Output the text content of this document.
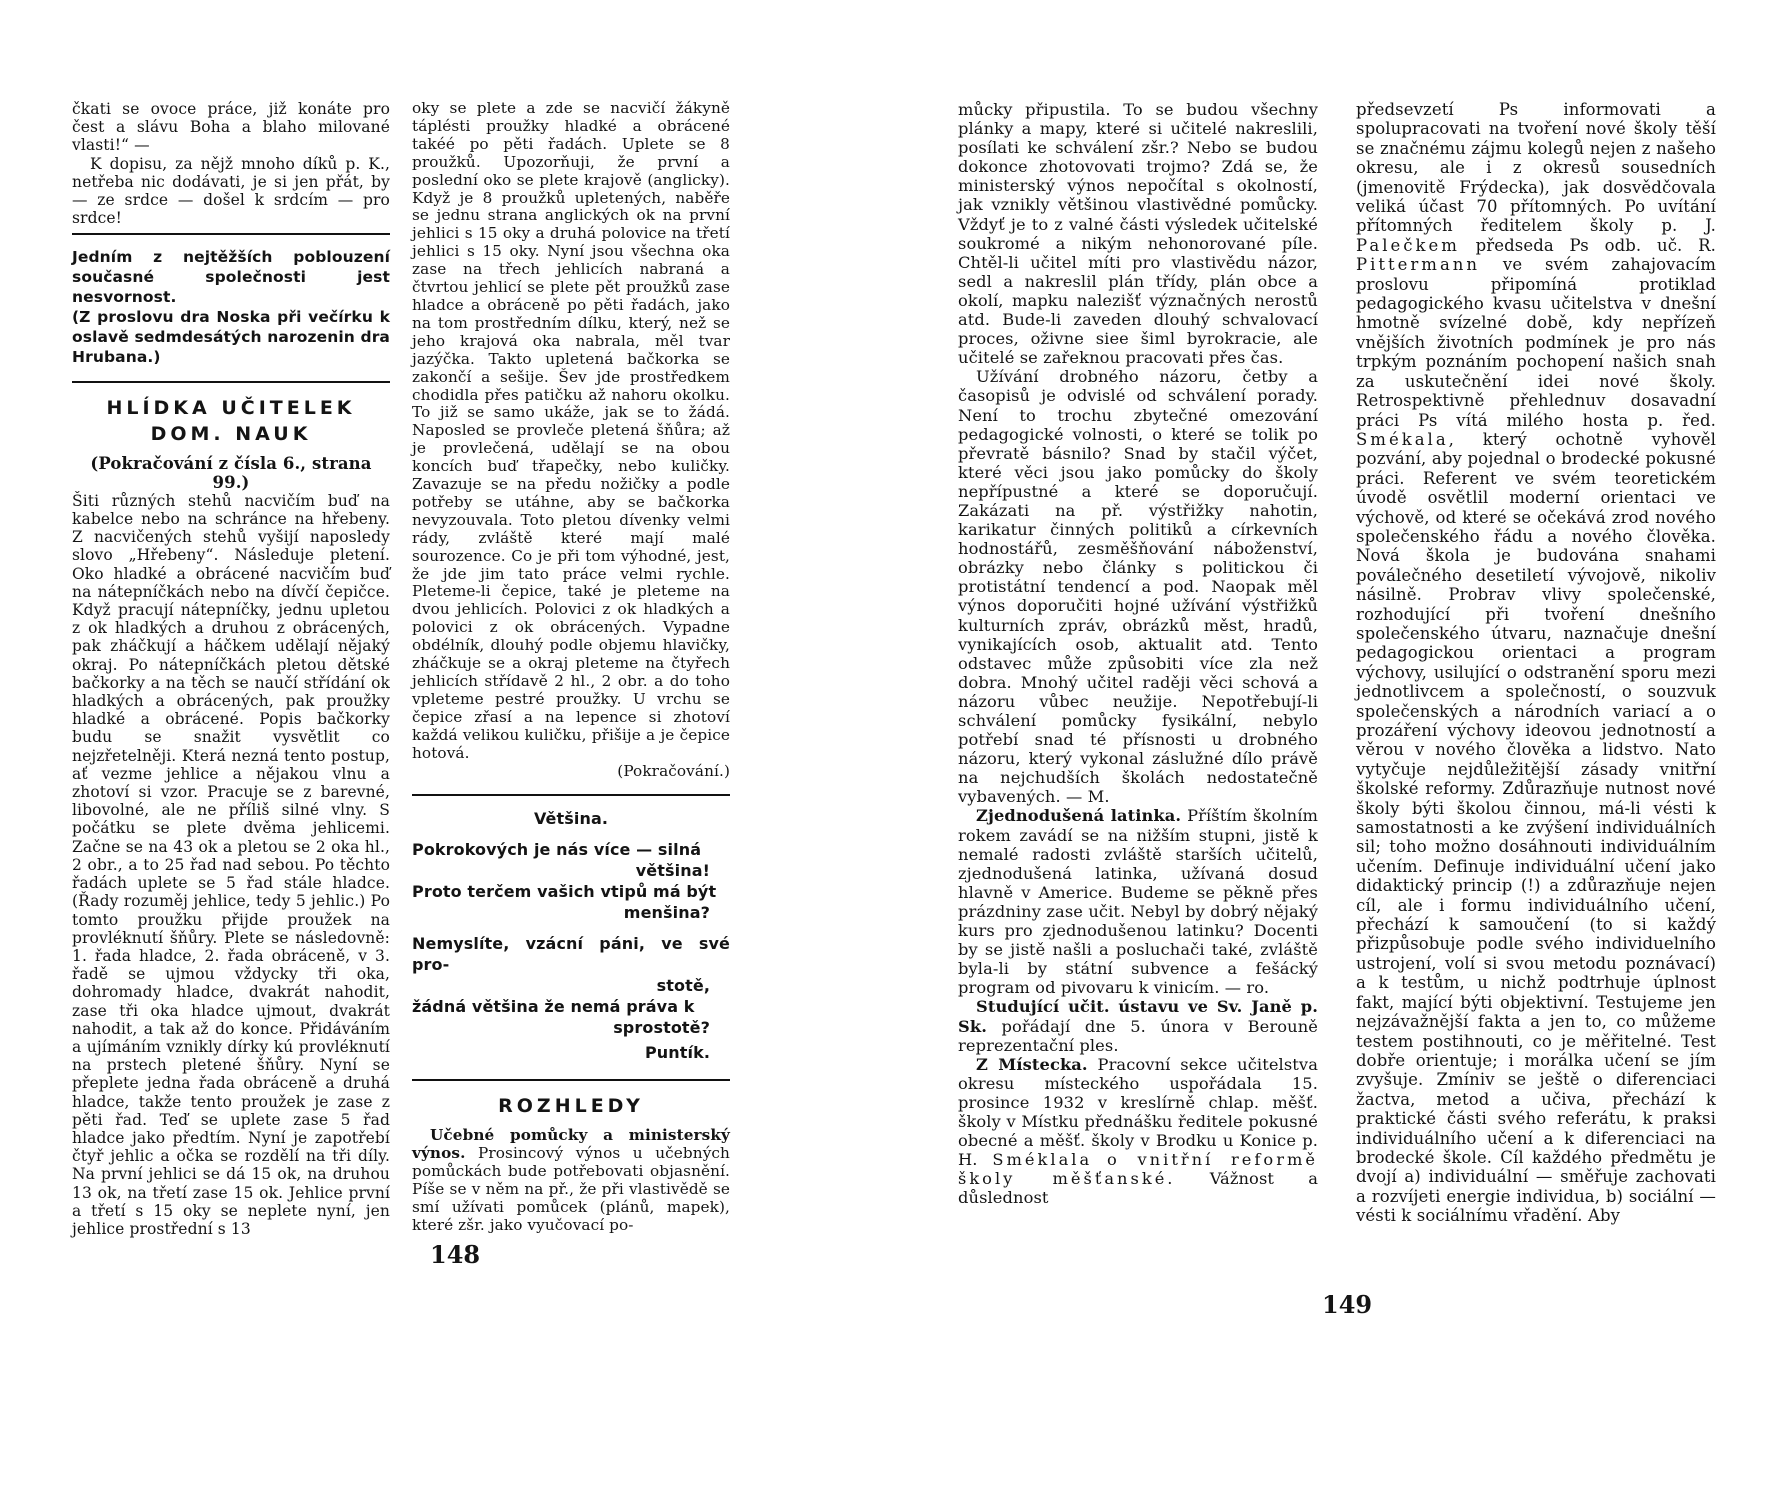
čkati se ovoce práce, již konáte pro čest a slávu Boha a blaho milované vlasti!“ —

K dopisu, za nějž mnoho díků p. K., netřeba nic dodávati, je si jen přát, by — ze srdce — došel k srdcím — pro srdce!

Jedním z nejtěžších poblouzení současné společnosti jest nesvornost.

(Z proslovu dra Noska při večírku k oslavě sedmdesátých narozenin dra Hrubana.)

HLÍDKA UČITELEK DOM. NAUK

(Pokračování z čísla 6., strana 99.)

Šiti různých stehů nacvičím buď na kabelce nebo na schránce na hřebeny. Z nacvičených stehů vyšijí naposledy slovo „Hřebeny“. Následuje pletení. Oko hladké a obrácené nacvičím buď na nátepníčkách nebo na dívčí čepičce. Když pracují nátepníčky, jednu upletou z ok hladkých a druhou z obrácených, pak zháčkují a háčkem udělají nějaký okraj. Po nátepníčkách pletou dětské bačkorky a na těch se naučí střídání ok hladkých a obrácených, pak proužky hladké a obrácené. Popis bačkorky budu se snažit vysvětlit co nejzřetelněji. Která nezná tento postup, ať vezme jehlice a nějakou vlnu a zhotoví si vzor. Pracuje se z barevné, libovolné, ale ne příliš silné vlny. S počátku se plete dvěma jehlicemi. Začne se na 43 ok a pletou se 2 oka hl., 2 obr., a to 25 řad nad sebou. Po těchto řadách uplete se 5 řad stále hladce. (Řady rozuměj jehlice, tedy 5 jehlic.) Po tomto proužku přijde proužek na provléknutí šňůry. Plete se následovně: 1. řada hladce, 2. řada obráceně, v 3. řadě se ujmou vždycky tři oka, dohromady hladce, dvakrát nahodit, zase tři oka hladce ujmout, dvakrát nahodit, a tak až do konce. Přidáváním a ujímáním vznikly dírky kú provléknutí na prstech pletené šňůry. Nyní se přeplete jedna řada obráceně a druhá hladce, takže tento proužek je zase z pěti řad. Teď se uplete zase 5 řad hladce jako předtím. Nyní je zapotřebí čtyř jehlic a očka se rozdělí na tři díly. Na první jehlici se dá 15 ok, na druhou 13 ok, na třetí zase 15 ok. Jehlice první a třetí s 15 oky se neplete nyní, jen jehlice prostřední s 13

oky se plete a zde se nacvičí žákyně táplésti proužky hladké a obrácené takéé po pěti řadách. Uplete se 8 proužků. Upozorňuji, že první a poslední oko se plete krajově (anglicky). Když je 8 proužků upletených, naběře se jednu strana anglických ok na první jehlici s 15 oky a druhá polovice na třetí jehlici s 15 oky. Nyní jsou všechna oka zase na třech jehlicích nabraná a čtvrtou jehlicí se plete pět proužků zase hladce a obráceně po pěti řadách, jako na tom prostředním dílku, který, než se jeho krajová oka nabrala, měl tvar jazýčka. Takto upletená bačkorka se zakončí a sešije. Šev jde prostředkem chodidla přes patičku až nahoru okolku. To již se samo ukáže, jak se to žádá. Naposled se provleče pletená šňůra; až je provlečená, udělají se na obou koncích buď třapečky, nebo kuličky. Zavazuje se na předu nožičky a podle potřeby se utáhne, aby se bačkorka nevyzouvala. Toto pletou dívenky velmi rády, zvláště které mají malé sourozence. Co je při tom výhodné, jest, že jde jim tato práce velmi rychle. Pleteme-li čepice, také je pleteme na dvou jehlicích. Polovici z ok hladkých a polovici z ok obrácených. Vypadne obdélník, dlouhý podle objemu hlavičky, zháčkuje se a okraj pleteme na čtyřech jehlicích střídavě 2 hl., 2 obr. a do toho vpleteme pestré proužky. U vrchu se čepice zřasí a na lepence si zhotoví každá velikou kuličku, přišije a je čepice hotová.

(Pokračování.)

Většina.

Pokrokových je nás více — silná

většina!

Proto terčem vašich vtipů má být

menšina?

Nemyslíte, vzácní páni, ve své pro-

stotě,

žádná většina že nemá práva k

sprostotě?

Puntík.

ROZHLEDY

Učebné pomůcky a ministerský výnos. Prosincový výnos u učebných pomůckách bude potřebovati objasnění. Píše se v něm na př., že při vlastivědě se smí užívati pomůcek (plánů, mapek), které zšr. jako vyučovací po-

148

můcky připustila. To se budou všechny plánky a mapy, které si učitelé nakreslili, posílati ke schválení zšr.? Nebo se budou dokonce zhotovovati trojmo? Zdá se, že ministerský výnos nepočítal s okolností, jak vznikly většinou vlastivědné pomůcky. Vždyť je to z valné části výsledek učitelské soukromé a nikým nehonorované píle. Chtěl-li učitel míti pro vlastivědu názor, sedl a nakreslil plán třídy, plán obce a okolí, mapku nalezišť význačných nerostů atd. Bude-li zaveden dlouhý schvalovací proces, oživne siee šiml byrokracie, ale učitelé se zařeknou pracovati přes čas.

Užívání drobného názoru, četby a časopisů je odvislé od schválení porady. Není to trochu zbytečné omezování pedagogické volnosti, o které se tolik po převratě básnilo? Snad by stačil výčet, které věci jsou jako pomůcky do školy nepřípustné a které se doporučují. Zakázati na př. výstřižky nahotin, karikatur činných politiků a církevních hodnostářů, zesměšňování náboženství, obrázky nebo články s politickou či protistátní tendencí a pod. Naopak měl výnos doporučiti hojné užívání výstřižků kulturních zpráv, obrázků měst, hradů, vynikajících osob, aktualit atd. Tento odstavec může způsobiti více zla než dobra. Mnohý učitel raději věci schová a názoru vůbec neužije. Nepotřebují-li schválení pomůcky fysikální, nebylo potřebí snad té přísnosti u drobného názoru, který vykonal záslužné dílo právě na nejchudších školách nedostatečně vybavených. — M.

Zjednodušená latinka. Příštím školním rokem zavádí se na nižším stupni, jistě k nemalé radosti zvláště starších učitelů, zjednodušená latinka, užívaná dosud hlavně v Americe. Budeme se pěkně přes prázdniny zase učit. Nebyl by dobrý nějaký kurs pro zjednodušenou latinku? Docenti by se jistě našli a posluchači také, zvláště byla-li by státní subvence a fešácký program od pivovaru k vinicím. — ro.

Studující učit. ústavu ve Sv. Janě p. Sk. pořádají dne 5. února v Berouně reprezentační ples.

Z Místecka. Pracovní sekce učitelstva okresu místeckého uspořádala 15. prosince 1932 v kreslírně chlap. měšť. školy v Místku přednášku ředitele pokusné obecné a měšť. školy v Brodku u Konice p. H. Sméklala o vnitřní reformě školy měšťanské. Vážnost a důslednost

předsevzetí Ps informovati a spolupracovati na tvoření nové školy těší se značnému zájmu kolegů nejen z našeho okresu, ale i z okresů sousedních (jmenovitě Frýdecka), jak dosvědčovala veliká účast 70 přítomných. Po uvítání přítomných ředitelem školy p. J. Palečkem předseda Ps odb. uč. R. Pittermann ve svém zahajovacím proslovu připomíná protiklad pedagogického kvasu učitelstva v dnešní hmotně svízelné době, kdy nepřízeň vnějších životních podmínek je pro nás trpkým poznáním pochopení našich snah za uskutečnění idei nové školy. Retrospektivně přehlednuv dosavadní práci Ps vítá milého hosta p. řed. Smékala, který ochotně vyhověl pozvání, aby pojednal o brodecké pokusné práci. Referent ve svém teoretickém úvodě osvětlil moderní orientaci ve výchově, od které se očekává zrod nového společenského řádu a nového člověka. Nová škola je budována snahami poválečného desetiletí vývojově, nikoliv násilně. Probrav vlivy společenské, rozhodující při tvoření dnešního společenského útvaru, naznačuje dnešní pedagogickou orientaci a program výchovy, usilující o odstranění sporu mezi jednotlivcem a společností, o souzvuk společenských a národních variací a o prozáření výchovy ideovou jednotností a věrou v nového člověka a lidstvo. Nato vytyčuje nejdůležitější zásady vnitřní školské reformy. Zdůrazňuje nutnost nové školy býti školou činnou, má-li vésti k samostatnosti a ke zvýšení individuálních sil; toho možno dosáhnouti individuálním učením. Definuje individuální učení jako didaktický princip (!) a zdůrazňuje nejen cíl, ale i formu individuálního učení, přechází k samoučení (to si každý přizpůsobuje podle svého individuelního ustrojení, volí si svou metodu poznávací) a k testům, u nichž podtrhuje úplnost fakt, mající býti objektivní. Testujeme jen nejzávažnější fakta a jen to, co můžeme testem postihnouti, co je měřitelné. Test dobře orientuje; i morálka učení se jím zvyšuje. Zmíniv se ještě o diferenciaci žactva, metod a učiva, přechází k praktické části svého referátu, k praksi individuálního učení a k diferenciaci na brodecké škole. Cíl každého předmětu je dvojí a) individuální — směřuje zachovati a rozvíjeti energie individua, b) sociální — vésti k sociálnímu vřadění. Aby

149
